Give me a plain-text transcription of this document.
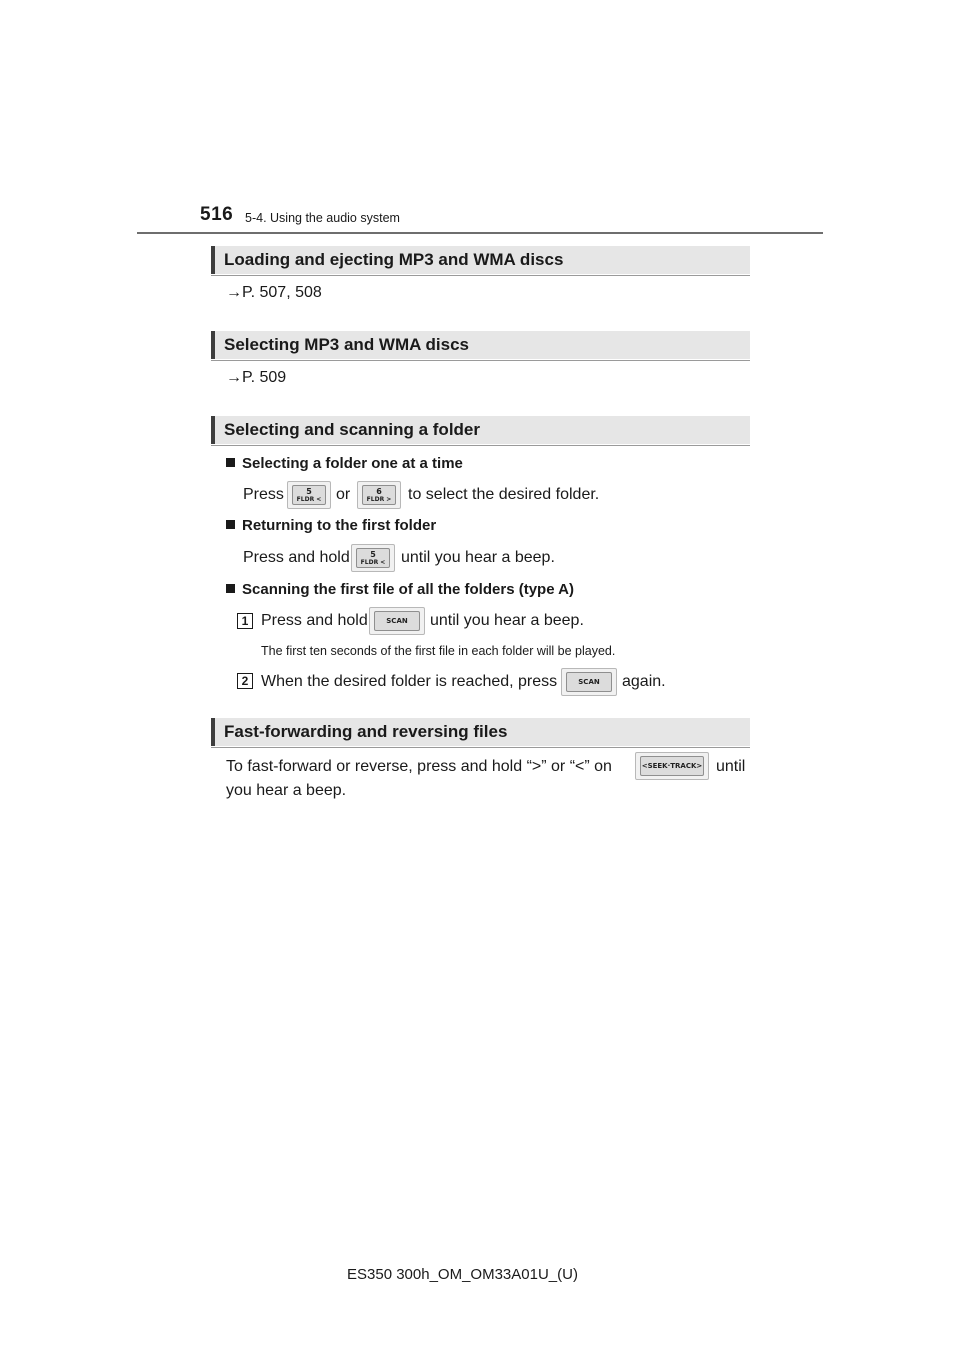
516 5-4. Using the audio system
Loading and ejecting MP3 and WMA discs
→P. 507, 508
Selecting MP3 and WMA discs
→P. 509
Selecting and scanning a folder
Selecting a folder one at a time
Press	5
FLDR < or	6
FLDR > to select the desired folder.
Returning to the first folder
Press and hold	5
FLDR < until you hear a beep.
Scanning the first file of all the folders (type A)
1 Press and hold	SCAN until you hear a beep.
The first ten seconds of the first file in each folder will be played.
2 When the desired folder is reached, press	SCAN again.
Fast-forwarding and reversing files
To fast-forward or reverse, press and hold “>” or “<” on	<SEEK·TRACK> until
you hear a beep.
ES350 300h_OM_OM33A01U_(U)
